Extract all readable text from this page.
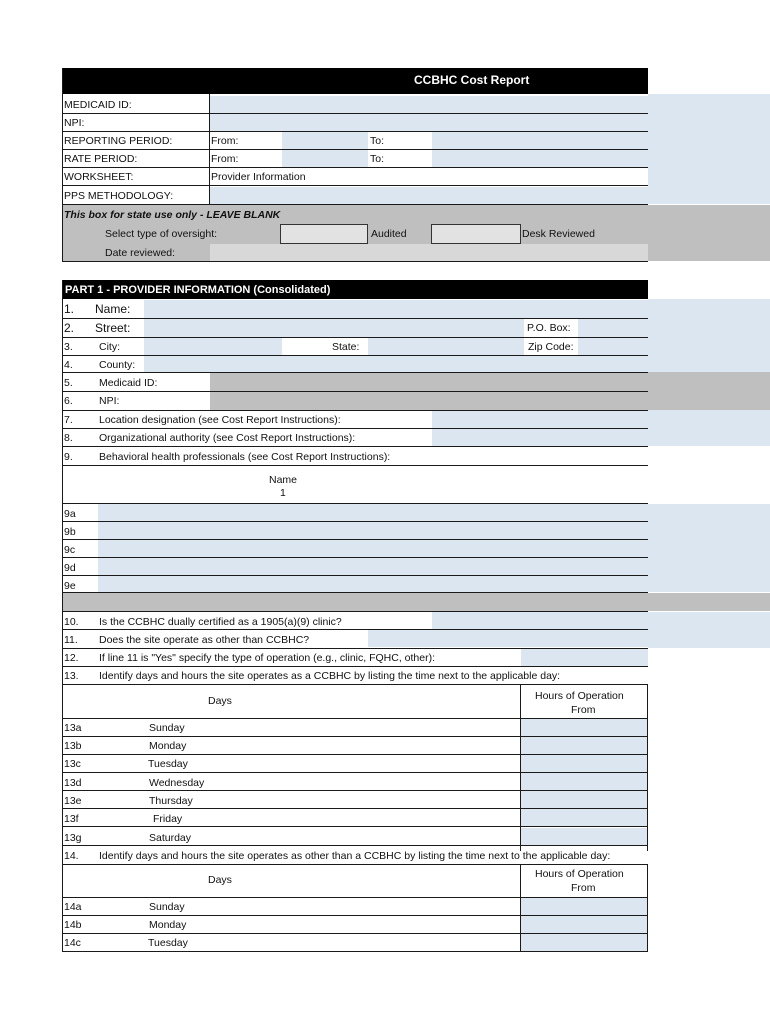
CCBHC Cost Report
MEDICAID ID:
NPI:
REPORTING PERIOD:	From:	To:
RATE PERIOD:	From:	To:
WORKSHEET:	Provider Information
PPS METHODOLOGY:
This box for state use only - LEAVE BLANK
Select type of oversight:	Audited	Desk Reviewed
Date reviewed:
PART 1 - PROVIDER INFORMATION (Consolidated)
1. Name:
2. Street:	P.O. Box:
3. City:	State:	Zip Code:
4. County:
5. Medicaid ID:
6. NPI:
7. Location designation (see Cost Report Instructions):
8. Organizational authority (see Cost Report Instructions):
9. Behavioral health professionals (see Cost Report Instructions):
Name
1
9a
9b
9c
9d
9e
10. Is the CCBHC dually certified as a 1905(a)(9) clinic?
11. Does the site operate as other than CCBHC?
12. If line 11 is "Yes" specify the type of operation (e.g., clinic, FQHC, other):
13. Identify days and hours the site operates as a CCBHC by listing the time next to the applicable day:
Days	Hours of Operation
From
13a	Sunday
13b	Monday
13c	Tuesday
13d	Wednesday
13e	Thursday
13f	Friday
13g	Saturday
14. Identify days and hours the site operates as other than a CCBHC by listing the time next to the applicable day:
Days	Hours of Operation
From
14a	Sunday
14b	Monday
14c	Tuesday
